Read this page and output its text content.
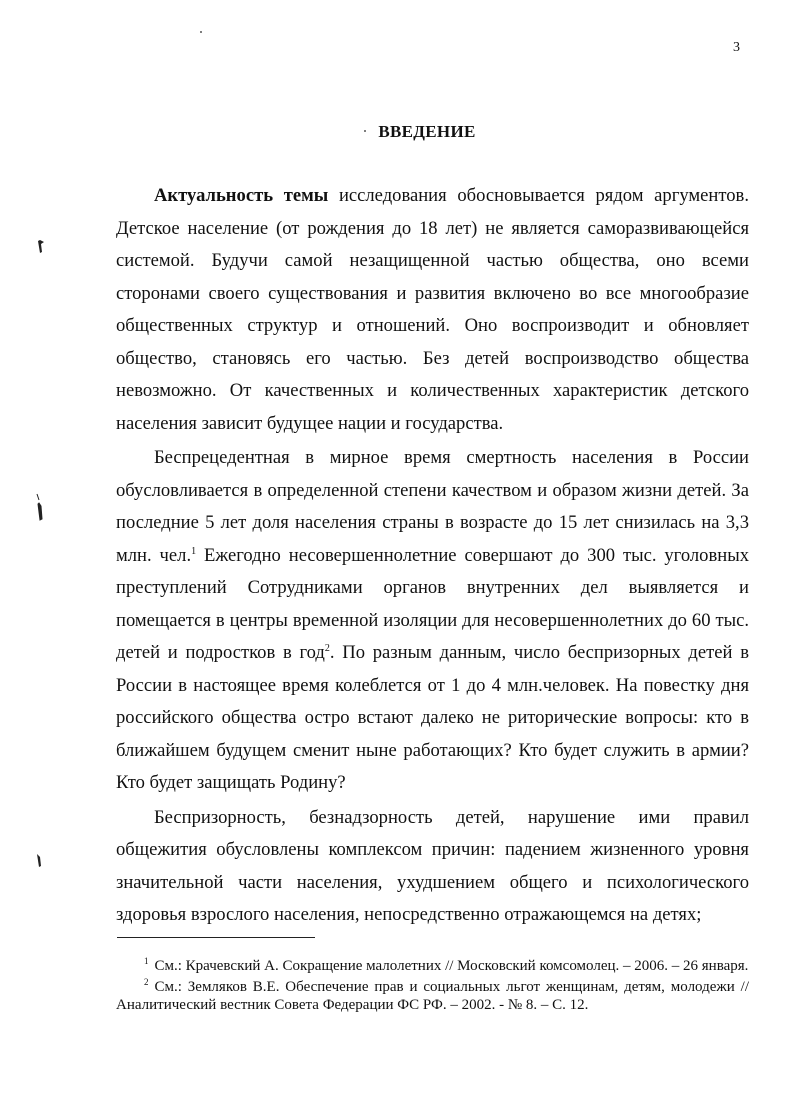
3
ВВЕДЕНИЕ

Актуальность темы исследования обосновывается рядом аргументов. Детское население (от рождения до 18 лет) не является саморазвивающейся системой. Будучи самой незащищенной частью общества, оно всеми сторонами своего существования и развития включено во все многообразие общественных структур и отношений. Оно воспроизводит и обновляет общество, становясь его частью. Без детей воспроизводство общества невозможно. От качественных и количественных характеристик детского населения зависит будущее нации и государства.

Беспрецедентная в мирное время смертность населения в России обусловливается в определенной степени качеством и образом жизни детей. За последние 5 лет доля населения страны в возрасте до 15 лет снизилась на 3,3 млн. чел.$^1$ Ежегодно несовершеннолетние совершают до 300 тыс. уголовных преступлений Сотрудниками органов внутренних дел выявляется и помещается в центры временной изоляции для несовершеннолетних до 60 тыс. детей и подростков в год$^2$. По разным данным, число беспризорных детей в России в настоящее время колеблется от 1 до 4 млн.человек. На повестку дня российского общества остро встают далеко не риторические вопросы: кто в ближайшем будущем сменит ныне работающих? Кто будет служить в армии? Кто будет защищать Родину?

Беспризорность, безнадзорность детей, нарушение ими правил общежития обусловлены комплексом причин: падением жизненного уровня значительной части населения, ухудшением общего и психологического здоровья взрослого населения, непосредственно отражающемся на детях;

$^1$ См.: Крачевский А. Сокращение малолетних // Московский комсомолец. – 2006. – 26 января.

$^2$ См.: Земляков В.Е. Обеспечение прав и социальных льгот женщинам, детям, молодежи // Аналитический вестник Совета Федерации ФС РФ. – 2002. - № 8. – С. 12.
